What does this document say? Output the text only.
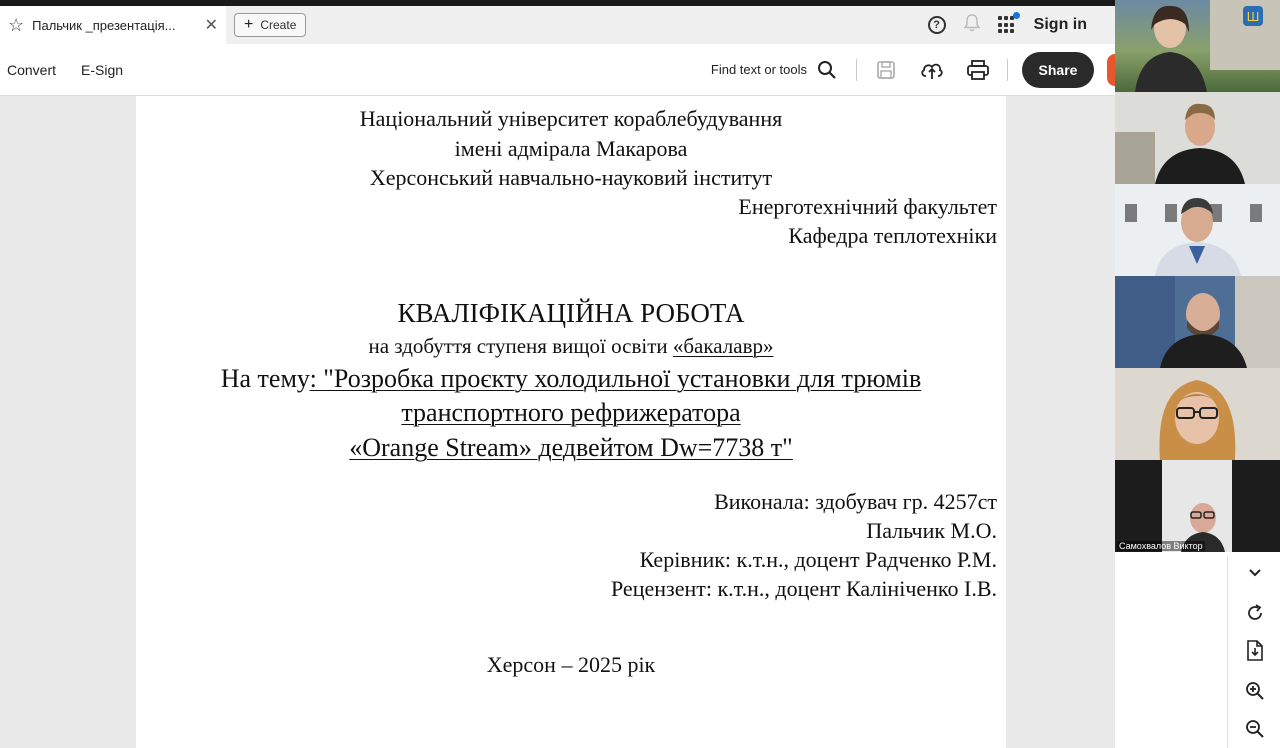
☆ Пальчик _презентація...	✕ + Create	?	Sign in
Convert E-Sign	Find text or tools	Share
Національний університет кораблебудування
імені адмірала Макарова
Херсонський навчально-науковий інститут
Енерготехнічний факультет
Кафедра теплотехніки
КВАЛІФІКАЦІЙНА РОБОТА
на здобуття ступеня вищої освіти «бакалавр»
На тему: "Розробка проєкту холодильної установки для трюмів
транспортного рефрижератора
«Orange Stream» дедвейтом Dw=7738 т"
Виконала: здобувач гр. 4257ст
Пальчик М.О.
Керівник: к.т.н., доцент Радченко Р.М.
Рецензент: к.т.н., доцент Калініченко І.В.
Херсон – 2025 рік
Ш
Самохвалов Виктор
